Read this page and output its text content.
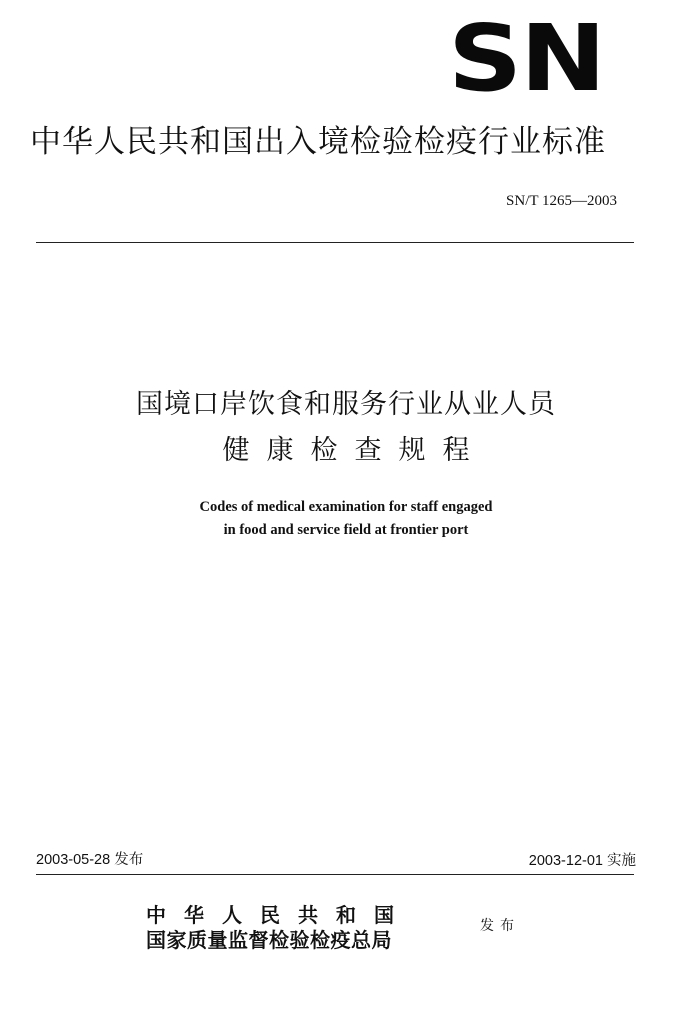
SN
中华人民共和国出入境检验检疫行业标准
SN/T 1265—2003
国境口岸饮食和服务行业从业人员
健康检查规程
Codes of medical examination for staff engaged
in food and service field at frontier port
2003-05-28 发布	2003-12-01 实施
中华人民共和国
国家质量监督检验检疫总局
发布
